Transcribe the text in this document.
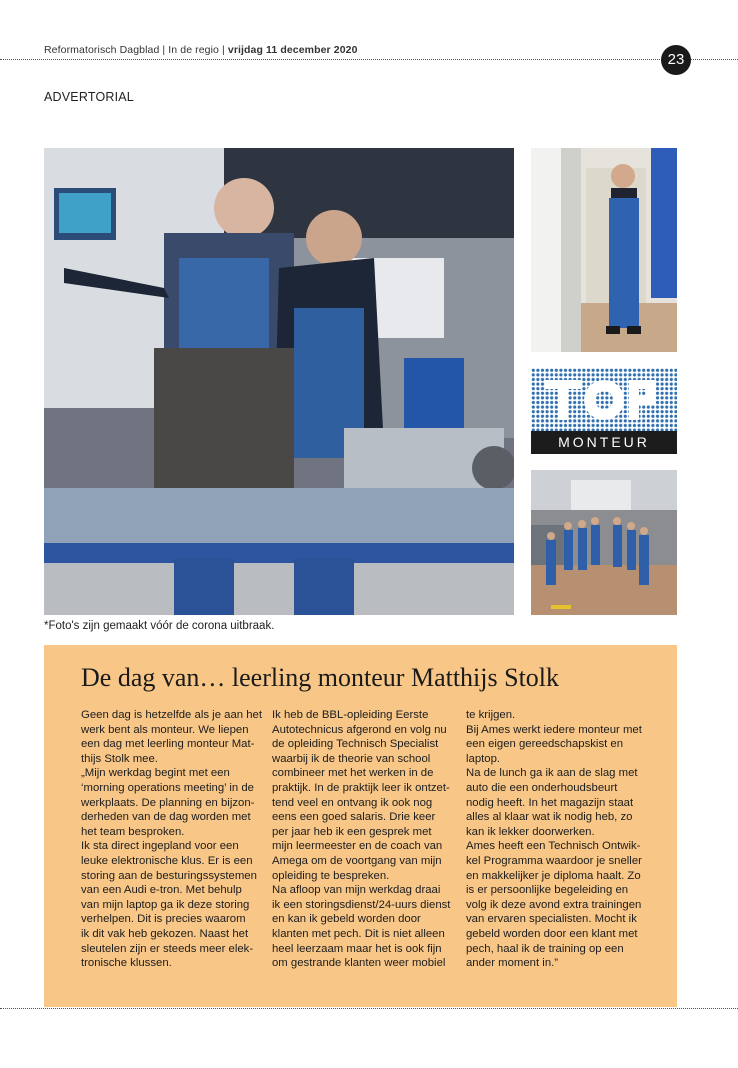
Reformatorisch Dagblad | In de regio | vrijdag 11 december 2020
23
ADVERTORIAL
MONTEUR
*Foto's zijn gemaakt vóór de corona uitbraak.
De dag van… leerling monteur Matthijs Stolk

Geen dag is hetzelfde als je aan het

werk bent als monteur. We liepen

een dag met leerling monteur Mat-

thijs Stolk mee.

„Mijn werkdag begint met een

‘morning operations meeting’ in de

werkplaats. De planning en bijzon-

derheden van de dag worden met

het team besproken.

Ik sta direct ingepland voor een

leuke elektronische klus. Er is een

storing aan de besturingssystemen

van een Audi e-tron. Met behulp

van mijn laptop ga ik deze storing

verhelpen. Dit is precies waarom

ik dit vak heb gekozen. Naast het

sleutelen zijn er steeds meer elek-

tronische klussen.

Ik heb de BBL-opleiding Eerste

Autotechnicus afgerond en volg nu

de opleiding Technisch Specialist

waarbij ik de theorie van school

combineer met het werken in de

praktijk. In de praktijk leer ik ontzet-

tend veel en ontvang ik ook nog

eens een goed salaris. Drie keer

per jaar heb ik een gesprek met

mijn leermeester en de coach van

Amega om de voortgang van mijn

opleiding te bespreken.

Na afloop van mijn werkdag draai

ik een storingsdienst/24-uurs dienst

en kan ik gebeld worden door

klanten met pech. Dit is niet alleen

heel leerzaam maar het is ook fijn

om gestrande klanten weer mobiel

te krijgen.

Bij Ames werkt iedere monteur met

een eigen gereedschapskist en

laptop.

Na de lunch ga ik aan de slag met

auto die een onderhoudsbeurt

nodig heeft. In het magazijn staat

alles al klaar wat ik nodig heb, zo

kan ik lekker doorwerken.

Ames heeft een Technisch Ontwik-

kel Programma waardoor je sneller

en makkelijker je diploma haalt. Zo

is er persoonlijke begeleiding en

volg ik deze avond extra trainingen

van ervaren specialisten. Mocht ik

gebeld worden door een klant met

pech, haal ik de training op een

ander moment in.”
